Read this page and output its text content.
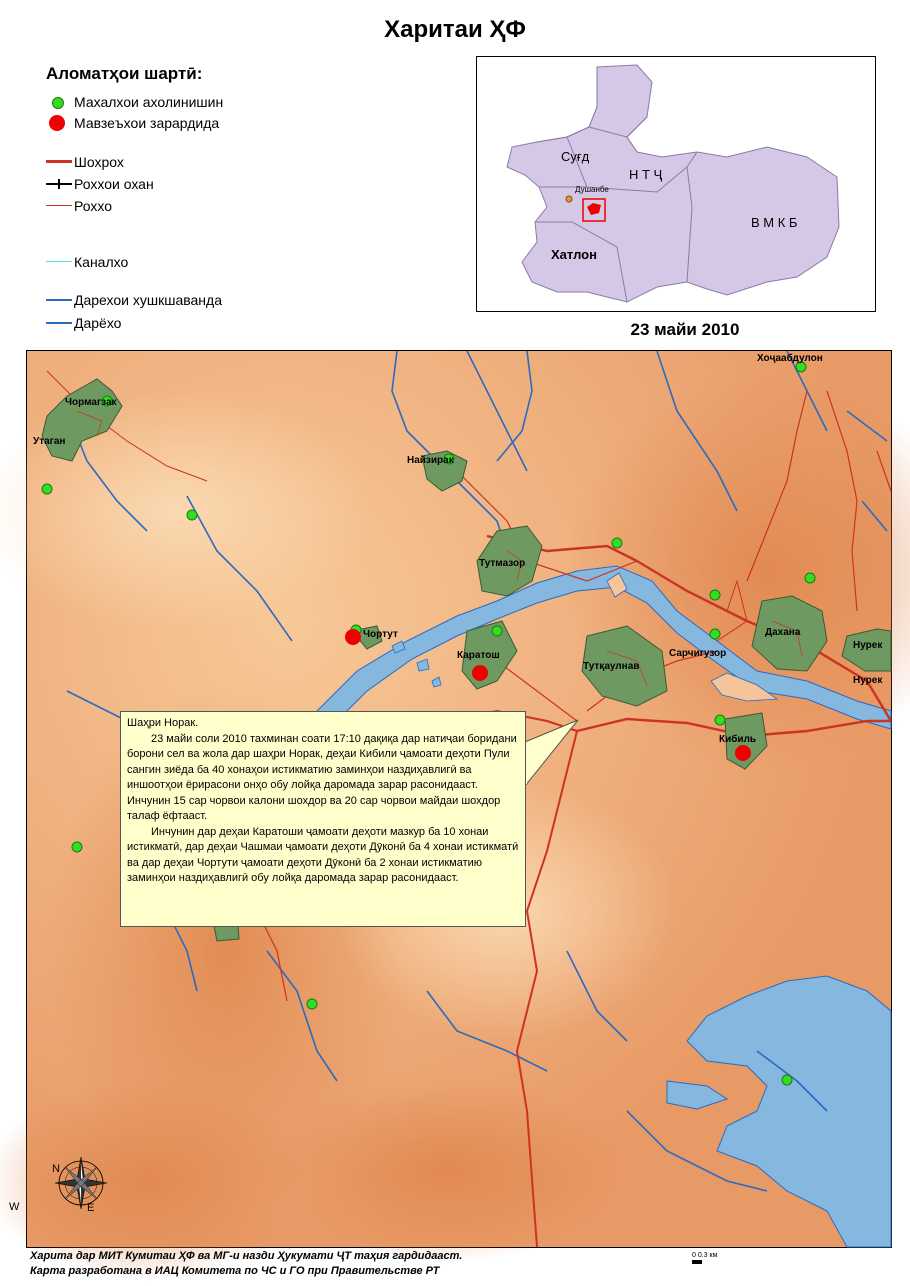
Харитаи ҲФ
Аломатҳои шартӣ:
Махалхои ахолинишин
Мавзеъхои зарардида
Шохрох
Роххои охан
Роххо
Каналхо
Дарехои хушкшаванда
Дарёхо
Суғд
Н Т Ҷ
В М К Б
Хатлон
Душанбе
23 майи 2010
Хоҷаабдулон
Чормагзак
Утаган
Найзирак
Тутмазор
Чортут
Каратош
Тутқаулнав
Сарчигузор
Дахана
Нурек
Нурек
Кибиль
N
W	E

Шаҳри Норак.

23 майи соли 2010 тахминан соати 17:10 дақиқа дар натиҷаи боридани борони сел ва жола дар шаҳри Норак, деҳаи Кибили ҷамоати деҳоти Пули сангин зиёда ба 40 хонаҳои истикматию заминҳои наздиҳавлигӣ ва иншоотҳои ёрирасони онҳо обу лойқа даромада зарар расонидааст. Инчунин 15 сар чорвои калони шохдор ва 20 сар чорвои майдаи шохдор талаф ёфтааст.

Инчунин дар деҳаи Каратоши ҷамоати деҳоти мазкур ба 10 хонаи истикматӣ, дар деҳаи Чашмаи ҷамоати деҳоти Дӯконӣ ба 4 хонаи истикматӣ ва дар деҳаи Чортути ҷамоати деҳоти Дӯконӣ ба 2 хонаи истикматию заминҳои наздиҳавлигӣ обу лойқа даромада зарар расонидааст.

0 0.3 км
Харита дар МИТ Кумитаи ҲФ ва МГ-и назди Ҳукумати ҶТ таҳия гардидааст.
Карта разработана в ИАЦ Комитета по ЧС и ГО при Правительстве РТ
